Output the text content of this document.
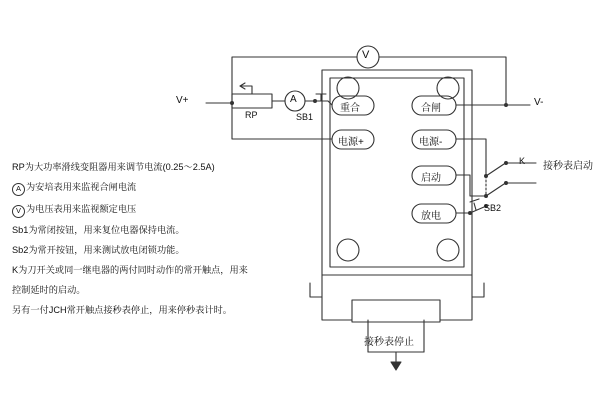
V+	V-
RP	SB1
SB2
K
V
A
重合
电源+
合闸
电源-
启动
放电
接秒表启动
接秒表停止
RP为大功率滑线变阻器用来调节电流(0.25～2.5A)
A 为安培表用来监视合闸电流
V 为电压表用来监视额定电压
Sb1为常闭按钮，用来复位电器保持电流。
Sb2为常开按钮，用来测试放电闭锁功能。
K为刀开关或同一继电器的两付同时动作的常开触点，用来
控制延时的启动。
另有一付JCH常开触点接秒表停止，用来停秒表计时。
